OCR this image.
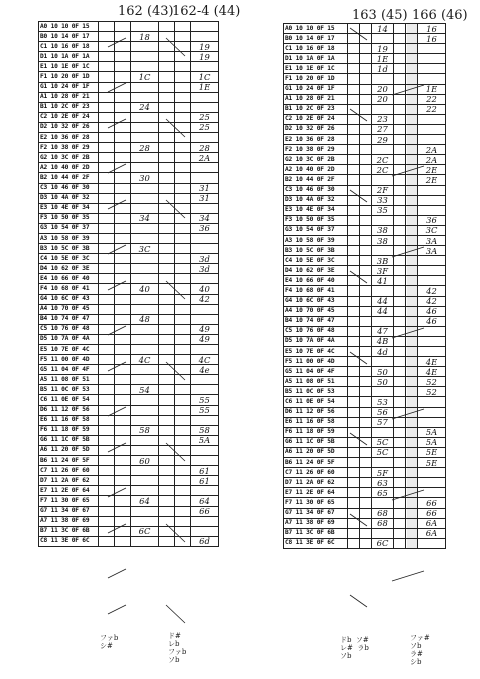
162 (43)
162-4 (44)	163 (45) 166 (46)
A0 10 10 0F 15						
B0 10 14 0F 17			18			
C1 10 16 0F 18						19
D1 10 1A 0F 1A						19
E1 10 1E 0F 1C						
F1 10 20 0F 1D			1C			1C
G1 10 24 0F 1F						1E
A1 10 28 0F 21						
B1 10 2C 0F 23			24			
C2 10 2E 0F 24						25
D2 10 32 0F 26						25
E2 10 36 0F 28						
F2 10 38 0F 29			28			28
G2 10 3C 0F 2B						2A
A2 10 40 0F 2D						
B2 10 44 0F 2F			30			
C3 10 46 0F 30						31
D3 10 4A 0F 32						31
E3 10 4E 0F 34						
F3 10 50 0F 35			34			34
G3 10 54 0F 37						36
A3 10 58 0F 39						
B3 10 5C 0F 3B			3C			
C4 10 5E 0F 3C						3d
D4 10 62 0F 3E						3d
E4 10 66 0F 40						
F4 10 68 0F 41			40			40
G4 10 6C 0F 43						42
A4 10 70 0F 45						
B4 10 74 0F 47			48			
C5 10 76 0F 48						49
D5 10 7A 0F 4A						49
E5 10 7E 0F 4C						
F5 11 00 0F 4D			4C			4C
G5 11 04 0F 4F						4e
A5 11 08 0F 51						
B5 11 0C 0F 53			54			
C6 11 0E 0F 54						55
D6 11 12 0F 56						55
E6 11 16 0F 58						
F6 11 18 0F 59			58			58
G6 11 1C 0F 5B						5A
A6 11 20 0F 5D						
B6 11 24 0F 5F			60			
C7 11 26 0F 60						61
D7 11 2A 0F 62						61
E7 11 2E 0F 64						
F7 11 30 0F 65			64			64
G7 11 34 0F 67						66
A7 11 38 0F 69						
B7 11 3C 0F 6B			6C			
C8 11 3E 0F 6C						6d
A0 10 10 0F 15			14			16
B0 10 14 0F 17						16
C1 10 16 0F 18			19			
D1 10 1A 0F 1A			1E			
E1 10 1E 0F 1C			1d			
F1 10 20 0F 1D						
G1 10 24 0F 1F			20			1E
A1 10 28 0F 21			20			22
B1 10 2C 0F 23						22
C2 10 2E 0F 24			23			
D2 10 32 0F 26			27			
E2 10 36 0F 28			29			
F2 10 38 0F 29						2A
G2 10 3C 0F 2B			2C			2A
A2 10 40 0F 2D			2C			2E
B2 10 44 0F 2F						2E
C3 10 46 0F 30			2F			
D3 10 4A 0F 32			33			
E3 10 4E 0F 34			35			
F3 10 50 0F 35						36
G3 10 54 0F 37			38			3C
A3 10 58 0F 39			38			3A
B3 10 5C 0F 3B						3A
C4 10 5E 0F 3C			3B			
D4 10 62 0F 3E			3F			
E4 10 66 0F 40			41			
F4 10 68 0F 41						42
G4 10 6C 0F 43			44			42
A4 10 70 0F 45			44			46
B4 10 74 0F 47						46
C5 10 76 0F 48			47			
D5 10 7A 0F 4A			4B			
E5 10 7E 0F 4C			4d			
F5 11 00 0F 4D						4E
G5 11 04 0F 4F			50			4E
A5 11 08 0F 51			50			52
B5 11 0C 0F 53						52
C6 11 0E 0F 54			53			
D6 11 12 0F 56			56			
E6 11 16 0F 58			57			
F6 11 18 0F 59						5A
G6 11 1C 0F 5B			5C			5A
A6 11 20 0F 5D			5C			5E
B6 11 24 0F 5F						5E
C7 11 26 0F 60			5F			
D7 11 2A 0F 62			63			
E7 11 2E 0F 64			65			
F7 11 30 0F 65						66
G7 11 34 0F 67			68			66
A7 11 38 0F 69			68			6A
B7 11 3C 0F 6B						6A
C8 11 3E 0F 6C			6C			
ファb
シ#
ド#
レb
ファb
ソb
ドb  ソ#
レ#  ラb
ソb
ファ#
ソb
ラ#
シb
